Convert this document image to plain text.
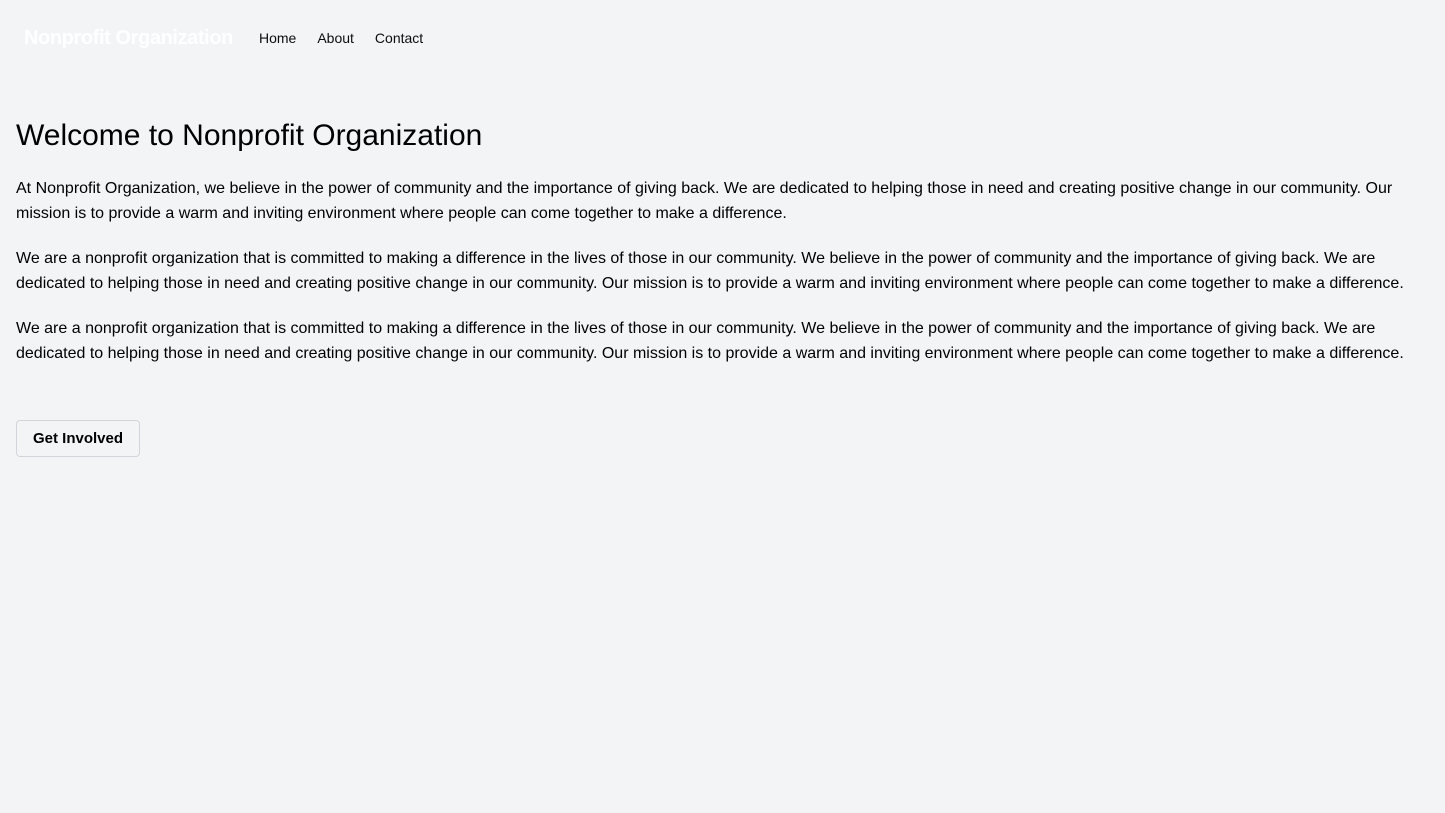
Nonprofit Organization Home About Contact
Welcome to Nonprofit Organization

At Nonprofit Organization, we believe in the power of community and the importance of giving back. We are dedicated to helping those in need and creating positive change in our community. Our mission is to provide a warm and inviting environment where people can come together to make a difference.

We are a nonprofit organization that is committed to making a difference in the lives of those in our community. We believe in the power of community and the importance of giving back. We are dedicated to helping those in need and creating positive change in our community. Our mission is to provide a warm and inviting environment where people can come together to make a difference.

We are a nonprofit organization that is committed to making a difference in the lives of those in our community. We believe in the power of community and the importance of giving back. We are dedicated to helping those in need and creating positive change in our community. Our mission is to provide a warm and inviting environment where people can come together to make a difference.

Get Involved
